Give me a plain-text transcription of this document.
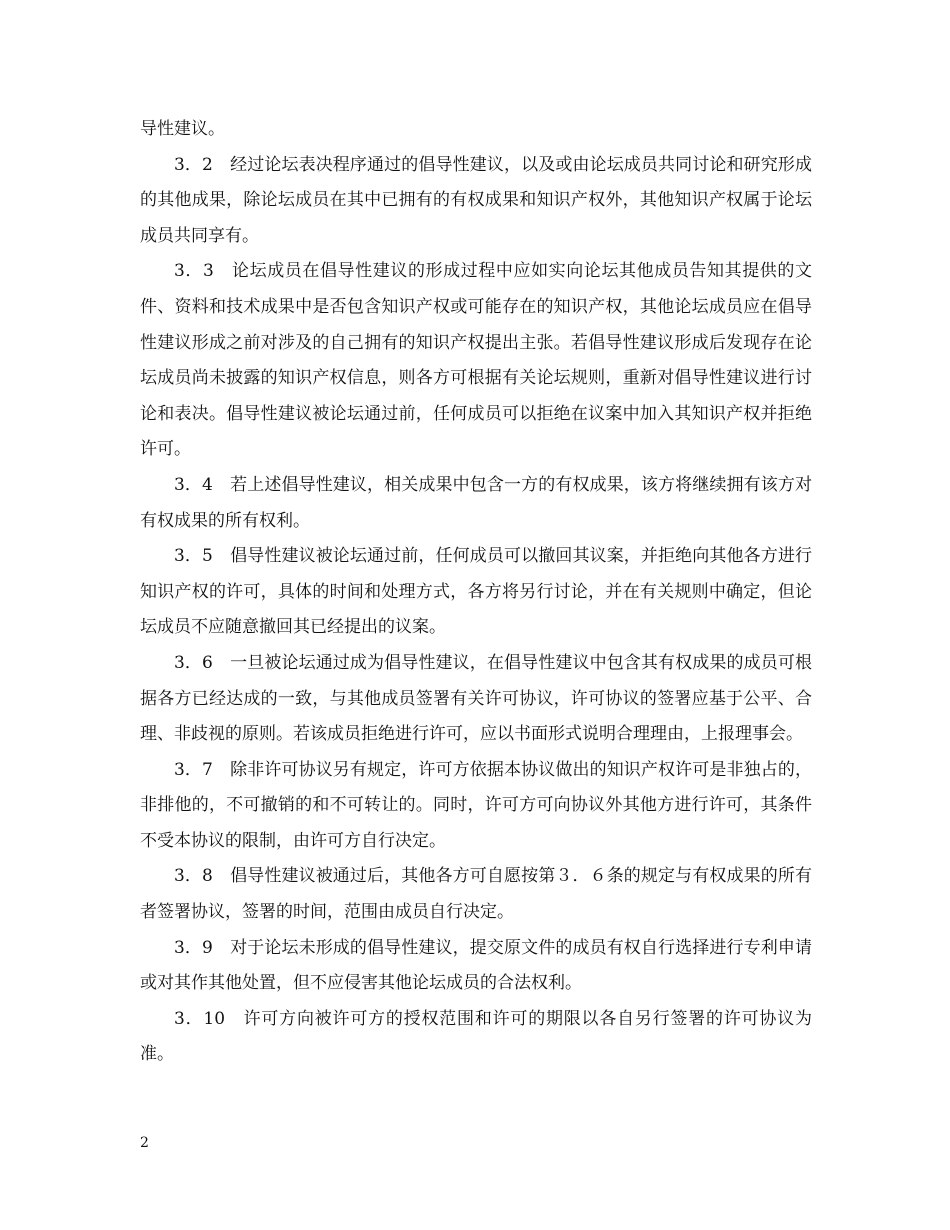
导性建议。

3．2　经过论坛表决程序通过的倡导性建议，以及或由论坛成员共同讨论和研究形成的其他成果，除论坛成员在其中已拥有的有权成果和知识产权外，其他知识产权属于论坛成员共同享有。

3．3　论坛成员在倡导性建议的形成过程中应如实向论坛其他成员告知其提供的文件、资料和技术成果中是否包含知识产权或可能存在的知识产权，其他论坛成员应在倡导性建议形成之前对涉及的自己拥有的知识产权提出主张。若倡导性建议形成后发现存在论坛成员尚未披露的知识产权信息，则各方可根据有关论坛规则，重新对倡导性建议进行讨论和表决。倡导性建议被论坛通过前，任何成员可以拒绝在议案中加入其知识产权并拒绝许可。

3．4　若上述倡导性建议，相关成果中包含一方的有权成果，该方将继续拥有该方对有权成果的所有权利。

3．5　倡导性建议被论坛通过前，任何成员可以撤回其议案，并拒绝向其他各方进行知识产权的许可，具体的时间和处理方式，各方将另行讨论，并在有关规则中确定，但论坛成员不应随意撤回其已经提出的议案。

3．6　一旦被论坛通过成为倡导性建议，在倡导性建议中包含其有权成果的成员可根据各方已经达成的一致，与其他成员签署有关许可协议，许可协议的签署应基于公平、合理、非歧视的原则。若该成员拒绝进行许可，应以书面形式说明合理理由，上报理事会。

3．7　除非许可协议另有规定，许可方依据本协议做出的知识产权许可是非独占的，非排他的，不可撤销的和不可转让的。同时，许可方可向协议外其他方进行许可，其条件不受本协议的限制，由许可方自行决定。

3．8　倡导性建议被通过后，其他各方可自愿按第３．６条的规定与有权成果的所有者签署协议，签署的时间，范围由成员自行决定。

3．9　对于论坛未形成的倡导性建议，提交原文件的成员有权自行选择进行专利申请或对其作其他处置，但不应侵害其他论坛成员的合法权利。

3．10　许可方向被许可方的授权范围和许可的期限以各自另行签署的许可协议为准。

2
